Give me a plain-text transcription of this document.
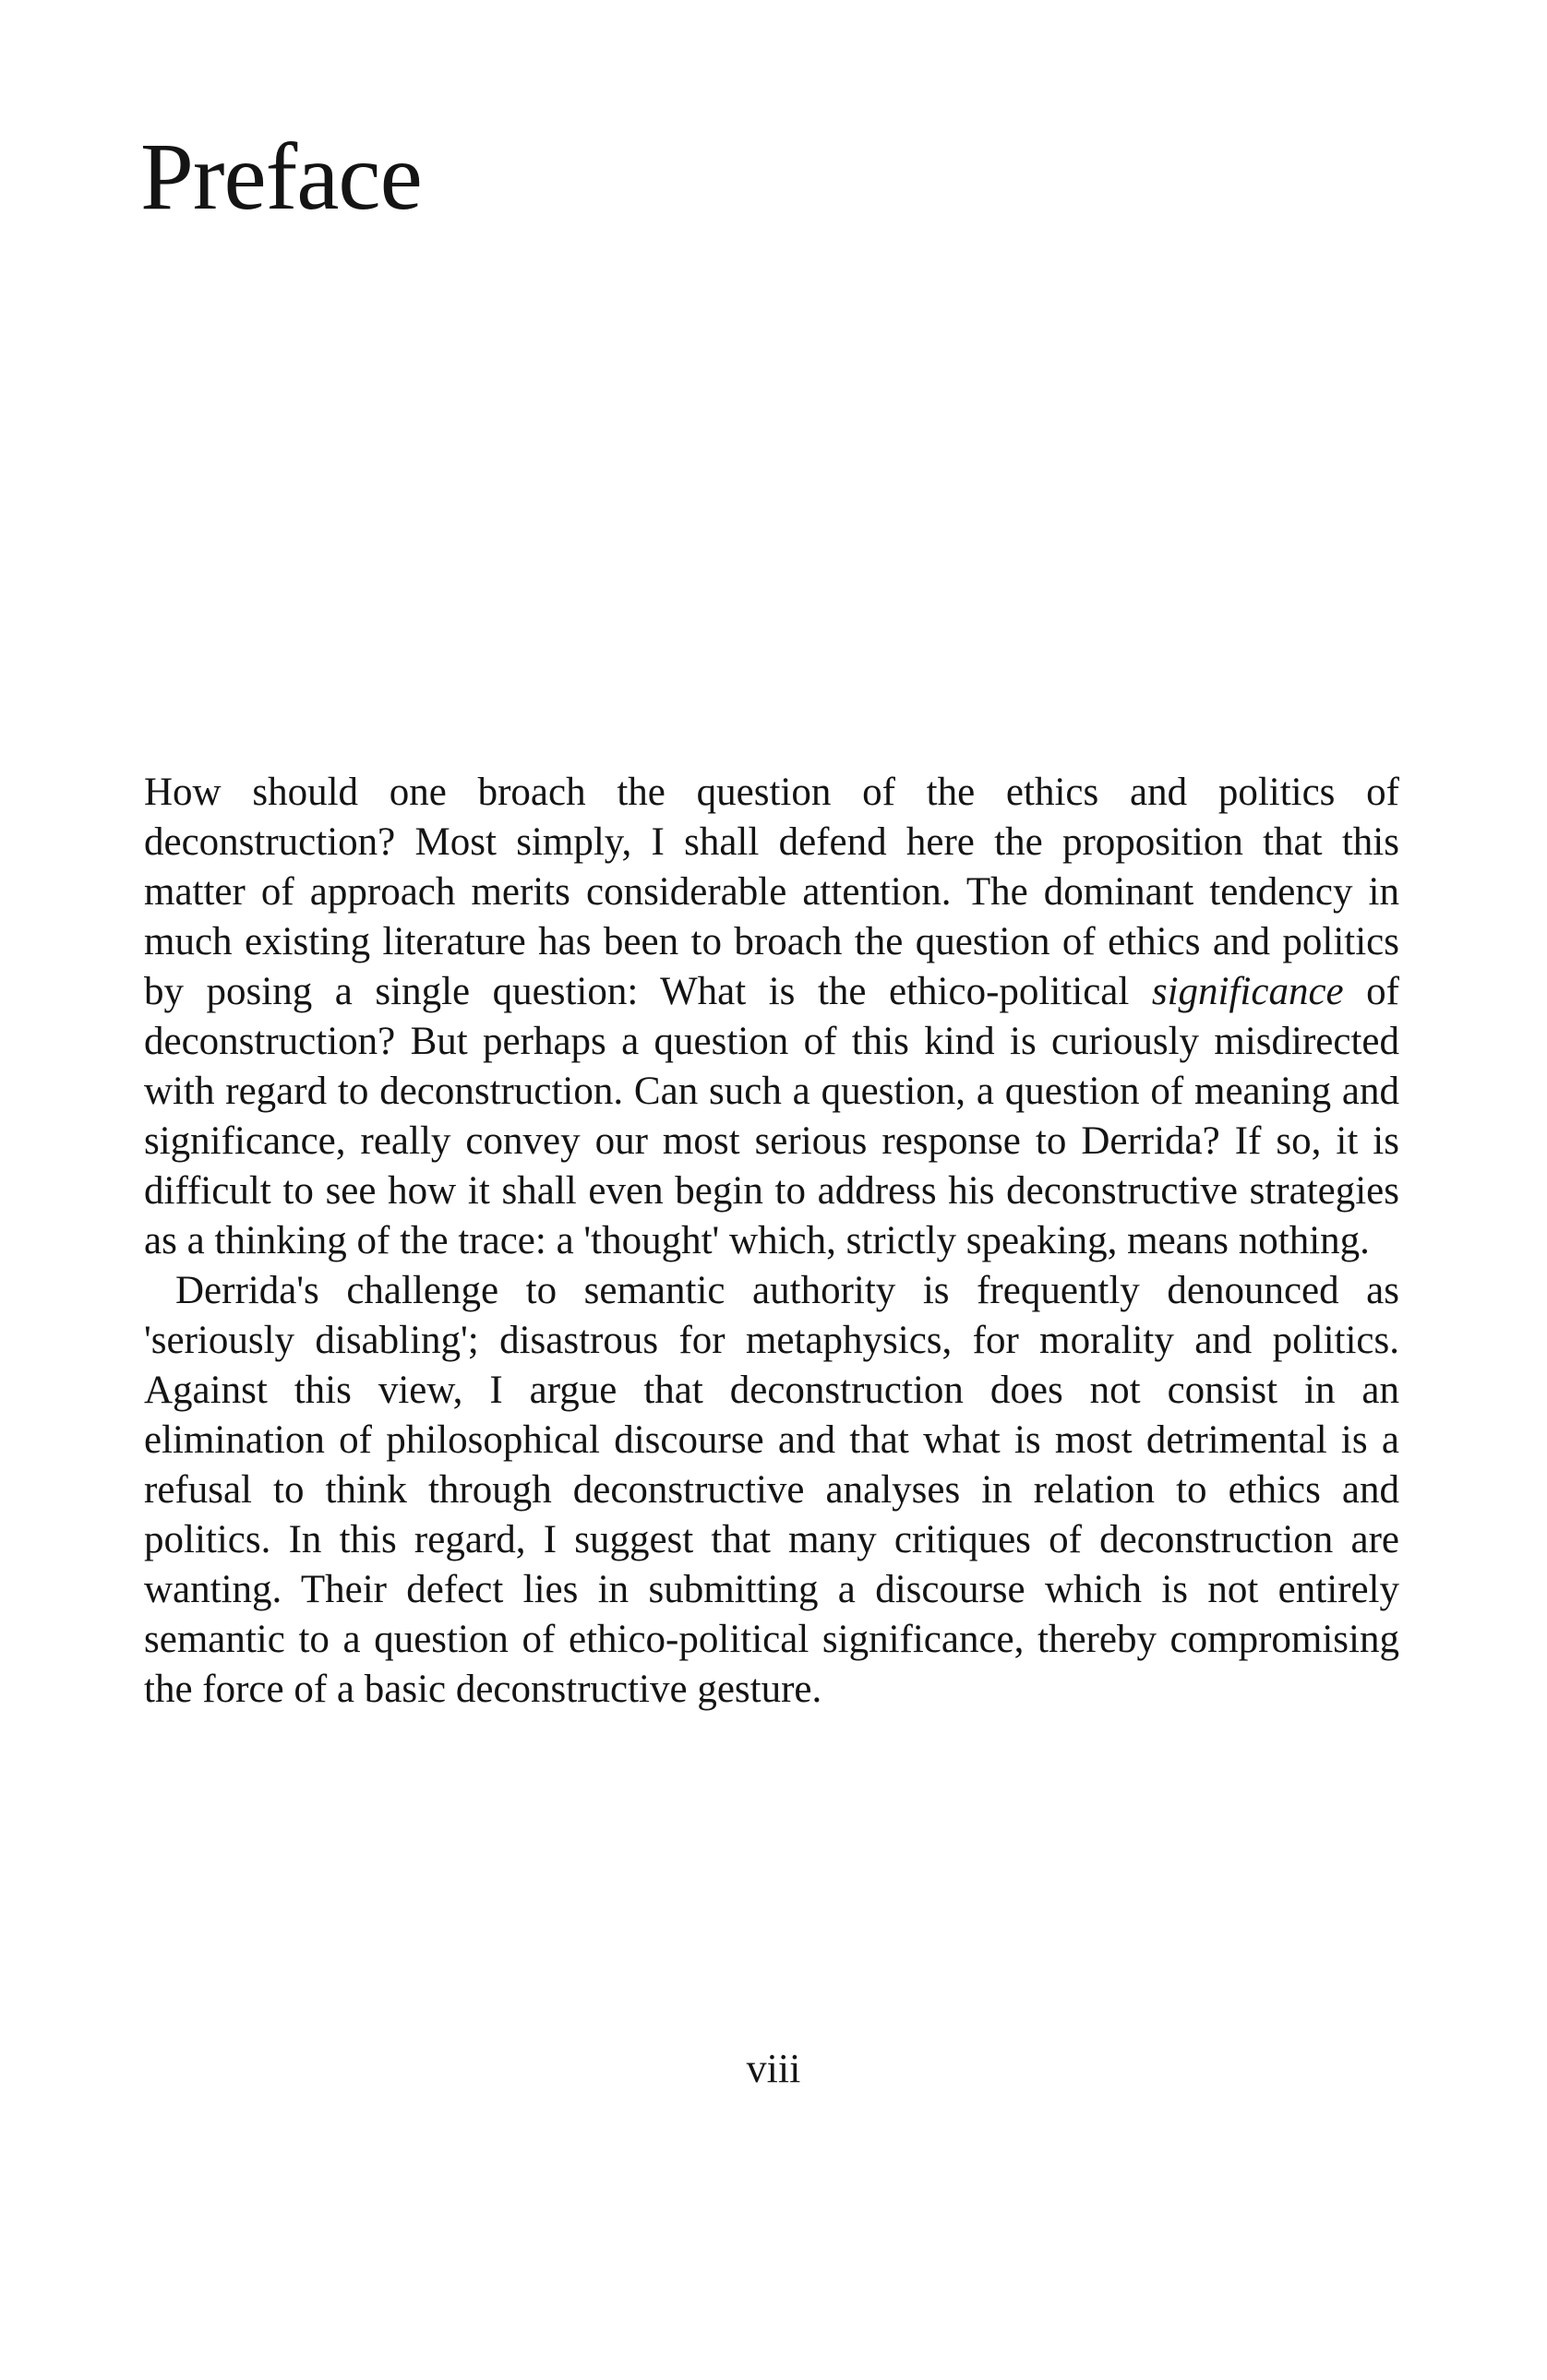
Preface

How should one broach the question of the ethics and politics of deconstruction? Most simply, I shall defend here the proposition that this matter of approach merits considerable attention. The dominant tendency in much existing literature has been to broach the question of ethics and politics by posing a single question: What is the ethico-political significance of deconstruction? But perhaps a question of this kind is curiously misdirected with regard to deconstruction. Can such a question, a question of meaning and significance, really convey our most serious response to Derrida? If so, it is difficult to see how it shall even begin to address his deconstructive strategies as a thinking of the trace: a 'thought' which, strictly speaking, means nothing.

Derrida's challenge to semantic authority is frequently denounced as 'seriously disabling'; disastrous for metaphysics, for morality and politics. Against this view, I argue that deconstruction does not consist in an elimination of philosophical discourse and that what is most detrimental is a refusal to think through deconstructive analyses in relation to ethics and politics. In this regard, I suggest that many critiques of deconstruction are wanting. Their defect lies in submitting a discourse which is not entirely semantic to a question of ethico-political significance, thereby compromising the force of a basic deconstructive gesture.

viii
